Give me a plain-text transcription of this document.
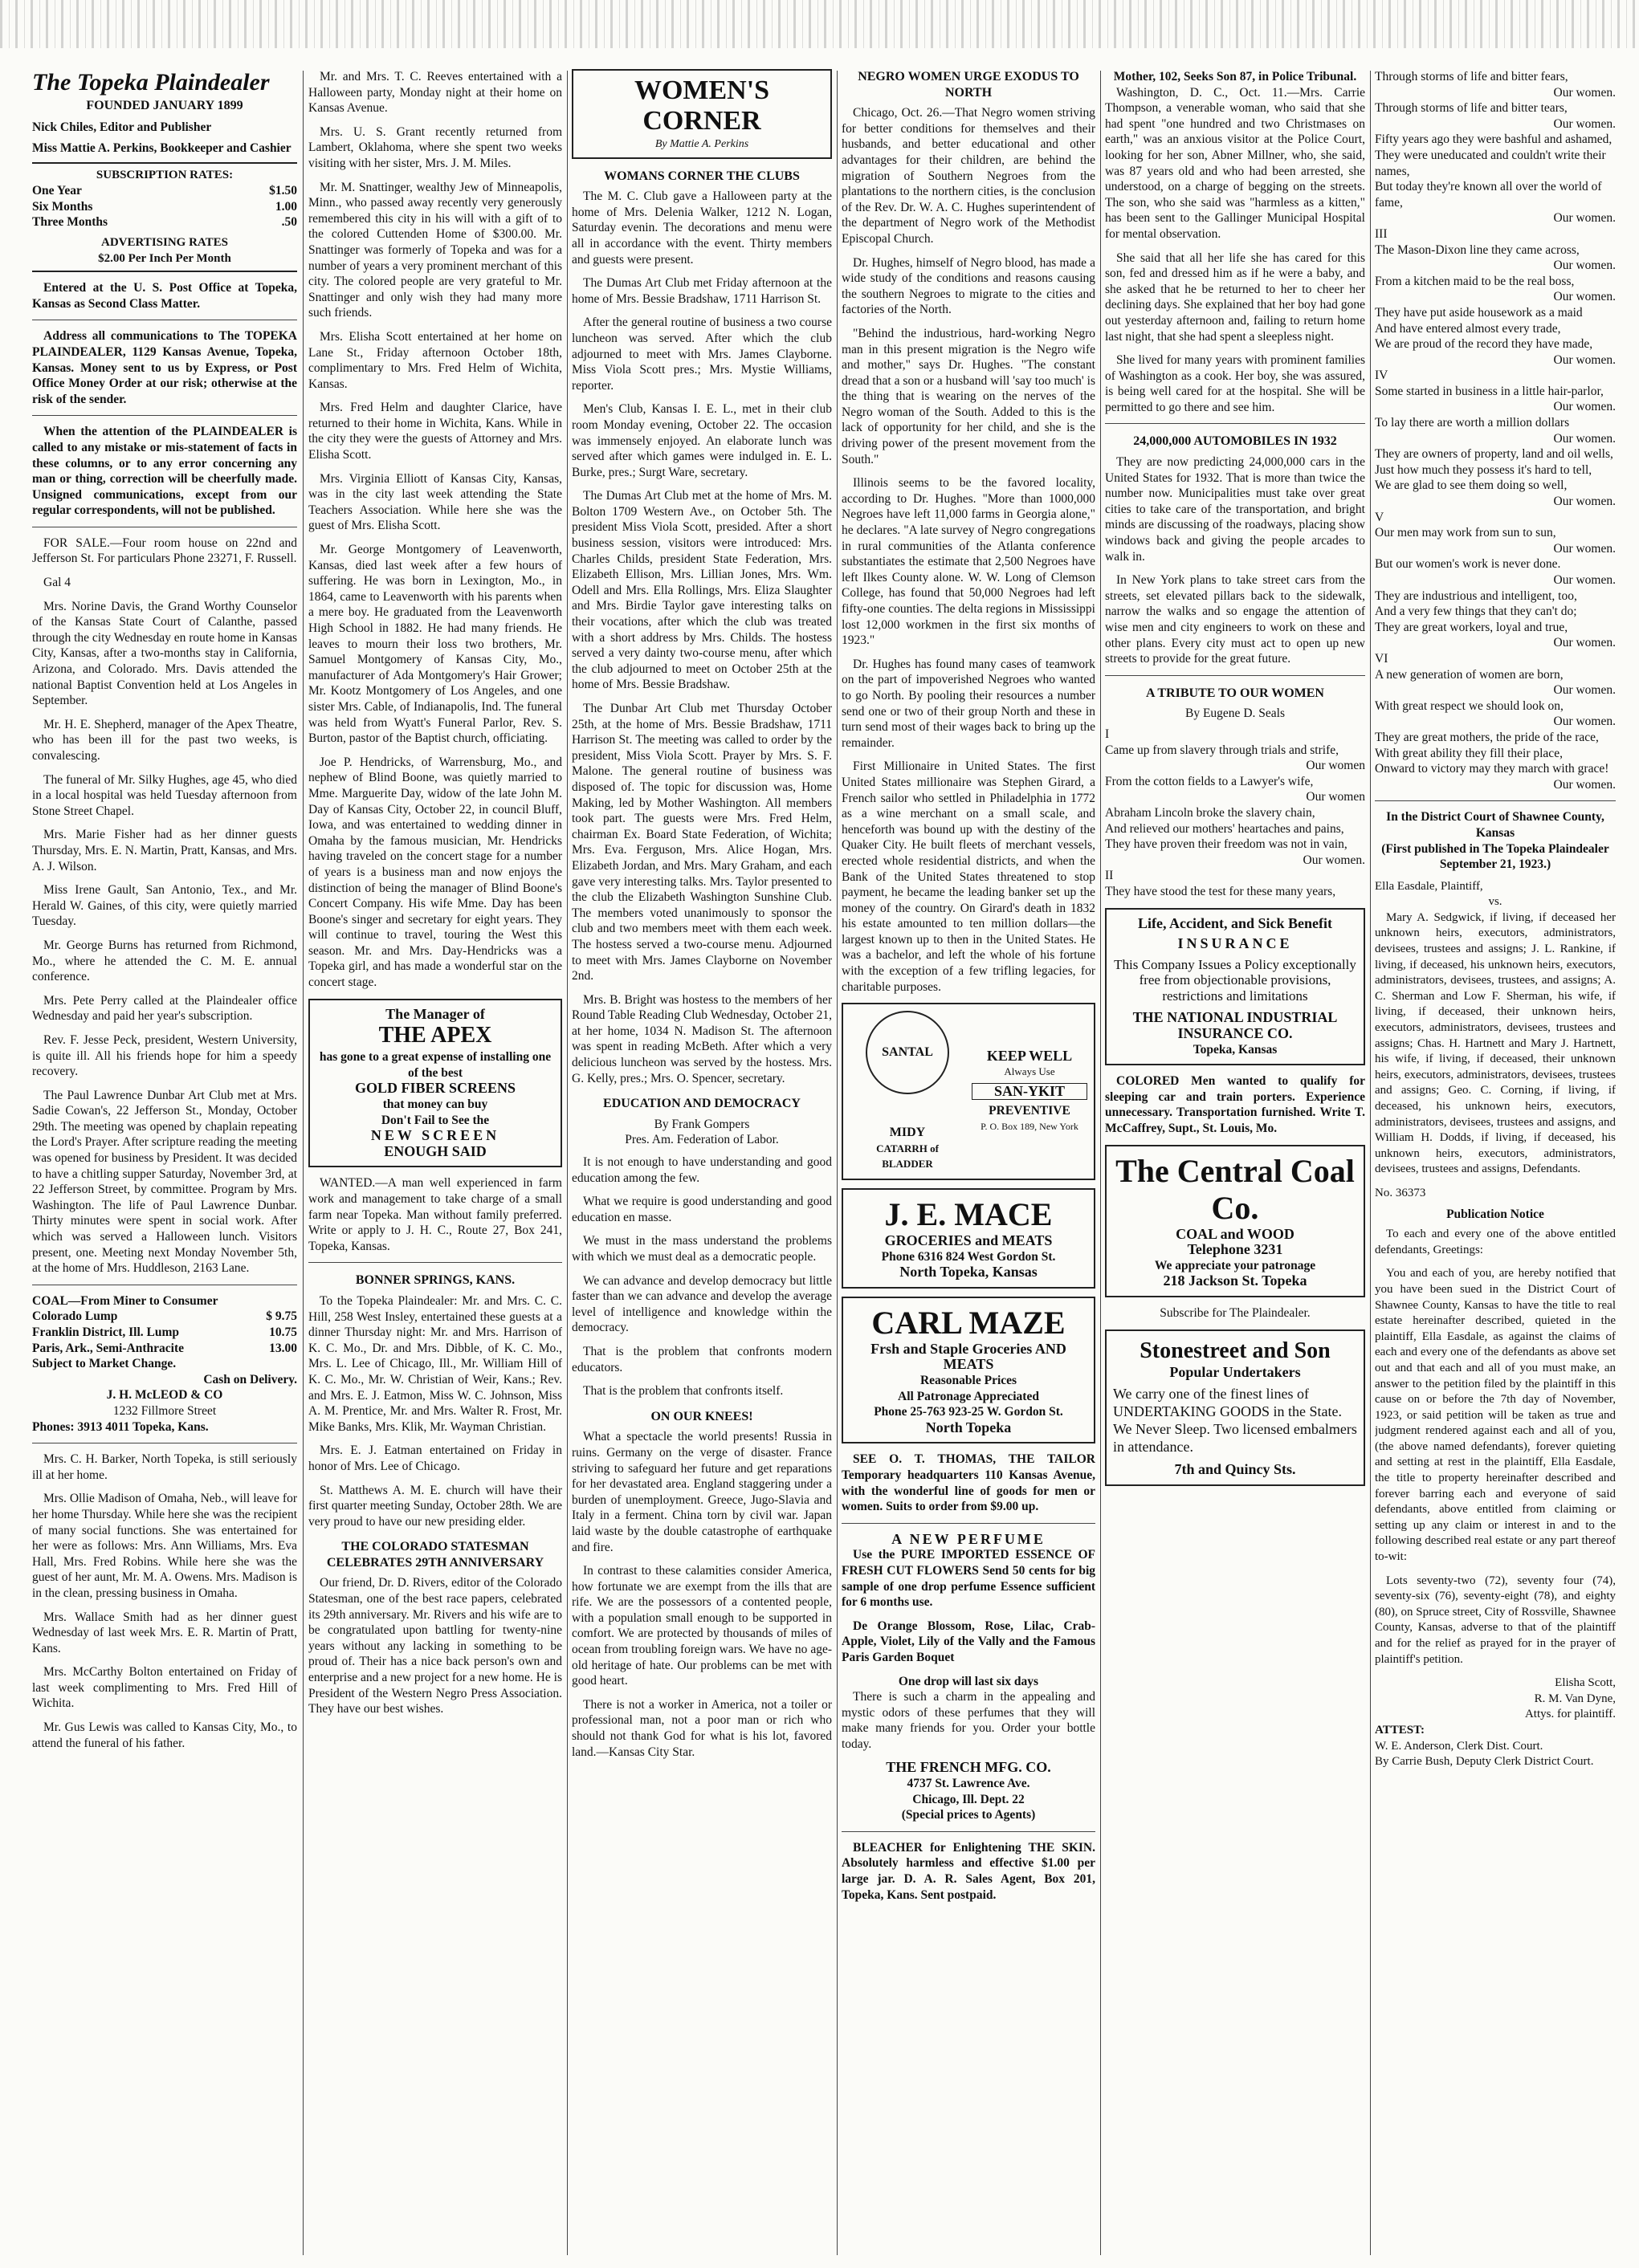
The Topeka Plaindealer
FOUNDED JANUARY 1899
Nick Chiles, Editor and Publisher
Miss Mattie A. Perkins, Bookkeeper and Cashier
SUBSCRIPTION RATES:
One Year	$1.50
Six Months	1.00
Three Months	.50
ADVERTISING RATES
$2.00 Per Inch Per Month

Entered at the U. S. Post Office at Topeka, Kansas as Second Class Matter.

Address all communications to The TOPEKA PLAINDEALER, 1129 Kansas Avenue, Topeka, Kansas. Money sent to us by Express, or Post Office Money Order at our risk; otherwise at the risk of the sender.

When the attention of the PLAINDEALER is called to any mistake or mis-statement of facts in these columns, or to any error concerning any man or thing, correction will be cheerfully made. Unsigned communications, except from our regular correspondents, will not be published.

FOR SALE.—Four room house on 22nd and Jefferson St. For particulars Phone 23271, F. Russell.

Gal 4

Mrs. Norine Davis, the Grand Worthy Counselor of the Kansas State Court of Calanthe, passed through the city Wednesday en route home in Kansas City, Kansas, after a two-months stay in California, Arizona, and Colorado. Mrs. Davis attended the national Baptist Convention held at Los Angeles in September.

Mr. H. E. Shepherd, manager of the Apex Theatre, who has been ill for the past two weeks, is convalescing.

The funeral of Mr. Silky Hughes, age 45, who died in a local hospital was held Tuesday afternoon from Stone Street Chapel.

Mrs. Marie Fisher had as her dinner guests Thursday, Mrs. E. N. Martin, Pratt, Kansas, and Mrs. A. J. Wilson.

Miss Irene Gault, San Antonio, Tex., and Mr. Herald W. Gaines, of this city, were quietly married Tuesday.

Mr. George Burns has returned from Richmond, Mo., where he attended the C. M. E. annual conference.

Mrs. Pete Perry called at the Plaindealer office Wednesday and paid her year's subscription.

Rev. F. Jesse Peck, president, Western University, is quite ill. All his friends hope for him a speedy recovery.

The Paul Lawrence Dunbar Art Club met at Mrs. Sadie Cowan's, 22 Jefferson St., Monday, October 29th. The meeting was opened by chaplain repeating the Lord's Prayer. After scripture reading the meeting was opened for business by President. It was decided to have a chitling supper Saturday, November 3rd, at 22 Jefferson Street, by committee. Program by Mrs. Washington. The life of Paul Lawrence Dunbar. Thirty minutes were spent in social work. After which was served a Halloween lunch. Visitors present, one. Meeting next Monday November 5th, at the home of Mrs. Huddleson, 2163 Lane.

COAL—From Miner to Consumer
Colorado Lump	$ 9.75
Franklin District, Ill. Lump	10.75
Paris, Ark., Semi-Anthracite	13.00
Subject to Market Change.
Cash on Delivery.
J. H. McLEOD & CO
1232 Fillmore Street
Phones: 3913 4011 Topeka, Kans.

Mrs. C. H. Barker, North Topeka, is still seriously ill at her home.

Mrs. Ollie Madison of Omaha, Neb., will leave for her home Thursday. While here she was the recipient of many social functions. She was entertained for her were as follows: Mrs. Ann Williams, Mrs. Eva Hall, Mrs. Fred Robins. While here she was the guest of her aunt, Mr. M. A. Owens. Mrs. Madison is in the clean, pressing business in Omaha.

Mrs. Wallace Smith had as her dinner guest Wednesday of last week Mrs. E. R. Martin of Pratt, Kans.

Mrs. McCarthy Bolton entertained on Friday of last week complimenting to Mrs. Fred Hill of Wichita.

Mr. Gus Lewis was called to Kansas City, Mo., to attend the funeral of his father.

Mr. and Mrs. T. C. Reeves entertained with a Halloween party, Monday night at their home on Kansas Avenue.

Mrs. U. S. Grant recently returned from Lambert, Oklahoma, where she spent two weeks visiting with her sister, Mrs. J. M. Miles.

Mr. M. Snattinger, wealthy Jew of Minneapolis, Minn., who passed away recently very generously remembered this city in his will with a gift of to the colored Cuttenden Home of $300.00. Mr. Snattinger was formerly of Topeka and was for a number of years a very prominent merchant of this city. The colored people are very grateful to Mr. Snattinger and only wish they had many more such friends.

Mrs. Elisha Scott entertained at her home on Lane St., Friday afternoon October 18th, complimentary to Mrs. Fred Helm of Wichita, Kansas.

Mrs. Fred Helm and daughter Clarice, have returned to their home in Wichita, Kans. While in the city they were the guests of Attorney and Mrs. Elisha Scott.

Mrs. Virginia Elliott of Kansas City, Kansas, was in the city last week attending the State Teachers Association. While here she was the guest of Mrs. Elisha Scott.

Mr. George Montgomery of Leavenworth, Kansas, died last week after a few hours of suffering. He was born in Lexington, Mo., in 1864, came to Leavenworth with his parents when a mere boy. He graduated from the Leavenworth High School in 1882. He had many friends. He leaves to mourn their loss two brothers, Mr. Samuel Montgomery of Kansas City, Mo., manufacturer of Ada Montgomery's Hair Grower; Mr. Kootz Montgomery of Los Angeles, and one sister Mrs. Cable, of Indianapolis, Ind. The funeral was held from Wyatt's Funeral Parlor, Rev. S. Burton, pastor of the Baptist church, officiating.

Joe P. Hendricks, of Warrensburg, Mo., and nephew of Blind Boone, was quietly married to Mme. Marguerite Day, widow of the late John M. Day of Kansas City, October 22, in council Bluff, Iowa, and was entertained to wedding dinner in Omaha by the famous musician, Mr. Hendricks having traveled on the concert stage for a number of years is a business man and now enjoys the distinction of being the manager of Blind Boone's Concert Company. His wife Mme. Day has been Boone's singer and secretary for eight years. They will continue to travel, touring the West this season. Mr. and Mrs. Day-Hendricks was a Topeka girl, and has made a wonderful star on the concert stage.

The Manager of
THE APEX
has gone to a great expense of installing one of the best
GOLD FIBER SCREENS
that money can buy
Don't Fail to See the
NEW SCREEN
ENOUGH SAID

WANTED.—A man well experienced in farm work and management to take charge of a small farm near Topeka. Man without family preferred. Write or apply to J. H. C., Route 27, Box 241, Topeka, Kansas.

BONNER SPRINGS, KANS.

To the Topeka Plaindealer: Mr. and Mrs. C. C. Hill, 258 West Insley, entertained these guests at a dinner Thursday night: Mr. and Mrs. Harrison of K. C. Mo., Dr. and Mrs. Dibble, of K. C. Mo., Mrs. L. Lee of Chicago, Ill., Mr. William Hill of K. C. Mo., Mr. W. Christian of Weir, Kans.; Rev. and Mrs. E. J. Eatmon, Miss W. C. Johnson, Miss A. M. Prentice, Mr. and Mrs. Walter R. Frost, Mr. Mike Banks, Mrs. Klik, Mr. Wayman Christian.

Mrs. E. J. Eatman entertained on Friday in honor of Mrs. Lee of Chicago.

St. Matthews A. M. E. church will have their first quarter meeting Sunday, October 28th. We are very proud to have our new presiding elder.

THE COLORADO STATESMAN CELEBRATES 29TH ANNIVERSARY

Our friend, Dr. D. Rivers, editor of the Colorado Statesman, one of the best race papers, celebrated its 29th anniversary. Mr. Rivers and his wife are to be congratulated upon battling for twenty-nine years without any lacking in something to be proud of. Their has a nice back person's own and enterprise and a new project for a new home. He is President of the Western Negro Press Association. They have our best wishes.

WOMEN'S
CORNER
By Mattie A. Perkins
WOMANS CORNER THE CLUBS

The M. C. Club gave a Halloween party at the home of Mrs. Delenia Walker, 1212 N. Logan, Saturday evenin. The decorations and menu were all in accordance with the event. Thirty members and guests were present.

The Dumas Art Club met Friday afternoon at the home of Mrs. Bessie Bradshaw, 1711 Harrison St.

After the general routine of business a two course luncheon was served. After which the club adjourned to meet with Mrs. James Clayborne. Miss Viola Scott pres.; Mrs. Mystie Williams, reporter.

Men's Club, Kansas I. E. L., met in their club room Monday evening, October 22. The occasion was immensely enjoyed. An elaborate lunch was served after which games were indulged in. E. L. Burke, pres.; Surgt Ware, secretary.

The Dumas Art Club met at the home of Mrs. M. Bolton 1709 Western Ave., on October 5th. The president Miss Viola Scott, presided. After a short business session, visitors were introduced: Mrs. Charles Childs, president State Federation, Mrs. Elizabeth Ellison, Mrs. Lillian Jones, Mrs. Wm. Odell and Mrs. Ella Rollings, Mrs. Eliza Slaughter and Mrs. Birdie Taylor gave interesting talks on their vocations, after which the club was treated with a short address by Mrs. Childs. The hostess served a very dainty two-course menu, after which the club adjourned to meet on October 25th at the home of Mrs. Bessie Bradshaw.

The Dunbar Art Club met Thursday October 25th, at the home of Mrs. Bessie Bradshaw, 1711 Harrison St. The meeting was called to order by the president, Miss Viola Scott. Prayer by Mrs. S. F. Malone. The general routine of business was disposed of. The topic for discussion was, Home Making, led by Mother Washington. All members took part. The guests were Mrs. Fred Helm, chairman Ex. Board State Federation, of Wichita; Mrs. Eva. Ferguson, Mrs. Alice Hogan, Mrs. Elizabeth Jordan, and Mrs. Mary Graham, and each gave very interesting talks. Mrs. Taylor presented to the club the Elizabeth Washington Sunshine Club. The members voted unanimously to sponsor the club and two members meet with them each week. The hostess served a two-course menu. Adjourned to meet with Mrs. James Clayborne on November 2nd.

Mrs. B. Bright was hostess to the members of her Round Table Reading Club Wednesday, October 21, at her home, 1034 N. Madison St. The afternoon was spent in reading McBeth. After which a very delicious luncheon was served by the hostess. Mrs. G. Kelly, pres.; Mrs. O. Spencer, secretary.

EDUCATION AND DEMOCRACY
By Frank Gompers
Pres. Am. Federation of Labor.

It is not enough to have understanding and good education among the few.

What we require is good understanding and good education en masse.

We must in the mass understand the problems with which we must deal as a democratic people.

We can advance and develop democracy but little faster than we can advance and develop the average level of intelligence and knowledge within the democracy.

That is the problem that confronts modern educators.

That is the problem that confronts itself.

ON OUR KNEES!

What a spectacle the world presents! Russia in ruins. Germany on the verge of disaster. France striving to safeguard her future and get reparations for her devastated area. England staggering under a burden of unemployment. Greece, Jugo-Slavia and Italy in a ferment. China torn by civil war. Japan laid waste by the double catastrophe of earthquake and fire.

In contrast to these calamities consider America, how fortunate we are exempt from the ills that are rife. We are the possessors of a contented people, with a population small enough to be supported in comfort. We are protected by thousands of miles of ocean from troubling foreign wars. We have no age-old heritage of hate. Our problems can be met with good heart.

There is not a worker in America, not a toiler or professional man, not a poor man or rich who should not thank God for what is his lot, favored land.—Kansas City Star.

NEGRO WOMEN URGE EXODUS TO NORTH

Chicago, Oct. 26.—That Negro women striving for better conditions for themselves and their husbands, and better educational and other advantages for their children, are behind the migration of Southern Negroes from the plantations to the northern cities, is the conclusion of the Rev. Dr. W. A. C. Hughes superintendent of the department of Negro work of the Methodist Episcopal Church.

Dr. Hughes, himself of Negro blood, has made a wide study of the conditions and reasons causing the southern Negroes to migrate to the cities and factories of the North.

"Behind the industrious, hard-working Negro man in this present migration is the Negro wife and mother," says Dr. Hughes. "The constant dread that a son or a husband will 'say too much' is the thing that is wearing on the nerves of the Negro woman of the South. Added to this is the lack of opportunity for her child, and she is the driving power of the present movement from the South."

Illinois seems to be the favored locality, according to Dr. Hughes. "More than 1000,000 Negroes have left 11,000 farms in Georgia alone," he declares. "A late survey of Negro congregations in rural communities of the Atlanta conference substantiates the estimate that 2,500 Negroes have left Ilkes County alone. W. W. Long of Clemson College, has found that 50,000 Negroes had left fifty-one counties. The delta regions in Mississippi lost 12,000 workmen in the first six months of 1923."

Dr. Hughes has found many cases of teamwork on the part of impoverished Negroes who wanted to go North. By pooling their resources a number send one or two of their group North and these in turn send most of their wages back to bring up the remainder.

First Millionaire in United States. The first United States millionaire was Stephen Girard, a French sailor who settled in Philadelphia in 1772 as a wine merchant on a small scale, and henceforth was bound up with the destiny of the Quaker City. He built fleets of merchant vessels, erected whole residential districts, and when the Bank of the United States threatened to stop payment, he became the leading banker set up the money of the country. On Girard's death in 1832 his estate amounted to ten million dollars—the largest known up to then in the United States. He was a bachelor, and left the whole of his fortune with the exception of a few trifling legacies, for charitable purposes.

SANTAL MIDY
CATARRH of BLADDER
KEEP WELL
Always Use
SAN-YKIT
PREVENTIVE
P. O. Box 189, New York
J. E. MACE
GROCERIES and MEATS
Phone 6316 824 West Gordon St.
North Topeka, Kansas
CARL MAZE
Frsh and Staple Groceries AND MEATS
Reasonable Prices
All Patronage Appreciated
Phone 25-763 923-25 W. Gordon St.
North Topeka

SEE O. T. THOMAS, THE TAILOR Temporary headquarters 110 Kansas Avenue, with the wonderful line of goods for men or women. Suits to order from $9.00 up.

A NEW PERFUME

Use the PURE IMPORTED ESSENCE OF FRESH CUT FLOWERS Send 50 cents for big sample of one drop perfume Essence sufficient for 6 months use.

De Orange Blossom, Rose, Lilac, Crab-Apple, Violet, Lily of the Vally and the Famous Paris Garden Boquet

One drop will last six days

There is such a charm in the appealing and mystic odors of these perfumes that they will make many friends for you. Order your bottle today.

THE FRENCH MFG. CO.
4737 St. Lawrence Ave.
Chicago, Ill. Dept. 22
(Special prices to Agents)

BLEACHER for Enlightening THE SKIN. Absolutely harmless and effective $1.00 per large jar. D. A. R. Sales Agent, Box 201, Topeka, Kans. Sent postpaid.

Mother, 102, Seeks Son 87, in Police Tribunal.

Washington, D. C., Oct. 11.—Mrs. Carrie Thompson, a venerable woman, who said that she had spent "one hundred and two Christmases on earth," was an anxious visitor at the Police Court, looking for her son, Abner Millner, who, she said, was 87 years old and who had been arrested, she understood, on a charge of begging on the streets. The son, who she said was "harmless as a kitten," has been sent to the Gallinger Municipal Hospital for mental observation.

She said that all her life she has cared for this son, fed and dressed him as if he were a baby, and she asked that he be returned to her to cheer her declining days. She explained that her boy had gone out yesterday afternoon and, failing to return home last night, that she had spent a sleepless night.

She lived for many years with prominent families of Washington as a cook. Her boy, she was assured, is being well cared for at the hospital. She will be permitted to go there and see him.

24,000,000 AUTOMOBILES IN 1932

They are now predicting 24,000,000 cars in the United States for 1932. That is more than twice the number now. Municipalities must take over great cities to take care of the transportation, and bright minds are discussing of the roadways, placing show windows back and giving the people arcades to walk in.

In New York plans to take street cars from the streets, set elevated pillars back to the sidewalk, narrow the walks and so engage the attention of wise men and city engineers to work on these and other plans. Every city must act to open up new streets to provide for the great future.

A TRIBUTE TO OUR WOMEN
By Eugene D. Seals

I

Came up from slavery through trials and strife,

Our women

From the cotton fields to a Lawyer's wife,

Our women

Abraham Lincoln broke the slavery chain,

And relieved our mothers' heartaches and pains,

They have proven their freedom was not in vain,

Our women.

II

They have stood the test for these many years,

Life, Accident, and Sick Benefit
INSURANCE
This Company Issues a Policy exceptionally free from objectionable provisions, restrictions and limitations
THE NATIONAL INDUSTRIAL INSURANCE CO.
Topeka, Kansas

COLORED Men wanted to qualify for sleeping car and train porters. Experience unnecessary. Transportation furnished. Write T. McCaffrey, Supt., St. Louis, Mo.

The Central Coal Co.
COAL and WOOD
Telephone 3231
We appreciate your patronage
218 Jackson St. Topeka
Subscribe for The Plaindealer.
Stonestreet and Son
Popular Undertakers
We carry one of the finest lines of UNDERTAKING GOODS in the State. We Never Sleep. Two licensed embalmers in attendance.
7th and Quincy Sts.

Through storms of life and bitter fears,

Our women.

Through storms of life and bitter tears,

Our women.

Fifty years ago they were bashful and ashamed,

They were uneducated and couldn't write their names,

But today they're known all over the world of fame,

Our women.

III

The Mason-Dixon line they came across,

Our women.

From a kitchen maid to be the real boss,

Our women.

They have put aside housework as a maid

And have entered almost every trade,

We are proud of the record they have made,

Our women.

IV

Some started in business in a little hair-parlor,

Our women.

To lay there are worth a million dollars

Our women.

They are owners of property, land and oil wells,

Just how much they possess it's hard to tell,

We are glad to see them doing so well,

Our women.

V

Our men may work from sun to sun,

Our women.

But our women's work is never done.

Our women.

They are industrious and intelligent, too,

And a very few things that they can't do;

They are great workers, loyal and true,

Our women.

VI

A new generation of women are born,

Our women.

With great respect we should look on,

Our women.

They are great mothers, the pride of the race,

With great ability they fill their place,

Onward to victory may they march with grace!

Our women.

In the District Court of Shawnee County, Kansas
(First published in The Topeka Plaindealer September 21, 1923.)
Ella Easdale, Plaintiff,
vs.

Mary A. Sedgwick, if living, if deceased her unknown heirs, executors, administrators, devisees, trustees and assigns; J. L. Rankine, if living, if deceased, his unknown heirs, executors, administrators, devisees, trustees, and assigns; A. C. Sherman and Low F. Sherman, his wife, if living, if deceased, their unknown heirs, executors, administrators, devisees, trustees and assigns; Chas. H. Hartnett and Mary J. Hartnett, his wife, if living, if deceased, their unknown heirs, executors, administrators, devisees, trustees and assigns; Geo. C. Corning, if living, if deceased, his unknown heirs, executors, administrators, devisees, trustees and assigns, and William H. Dodds, if living, if deceased, his unknown heirs, executors, administrators, devisees, trustees and assigns, Defendants.

No. 36373
Publication Notice

To each and every one of the above entitled defendants, Greetings:

You and each of you, are hereby notified that you have been sued in the District Court of Shawnee County, Kansas to have the title to real estate hereinafter described, quieted in the plaintiff, Ella Easdale, as against the claims of each and every one of the defendants as above set out and that each and all of you must make, an answer to the petition filed by the plaintiff in this cause on or before the 7th day of November, 1923, or said petition will be taken as true and judgment rendered against each and all of you, (the above named defendants), forever quieting and setting at rest in the plaintiff, Ella Easdale, the title to property hereinafter described and forever barring each and everyone of said defendants, above entitled from claiming or setting up any claim or interest in and to the following described real estate or any part thereof to-wit:

Lots seventy-two (72), seventy four (74), seventy-six (76), seventy-eight (78), and eighty (80), on Spruce street, City of Rossville, Shawnee County, Kansas, adverse to that of the plaintiff and for the relief as prayed for in the prayer of plaintiff's petition.

Elisha Scott,
R. M. Van Dyne,
Attys. for plaintiff.
ATTEST:
W. E. Anderson, Clerk Dist. Court.
By Carrie Bush, Deputy Clerk District Court.
